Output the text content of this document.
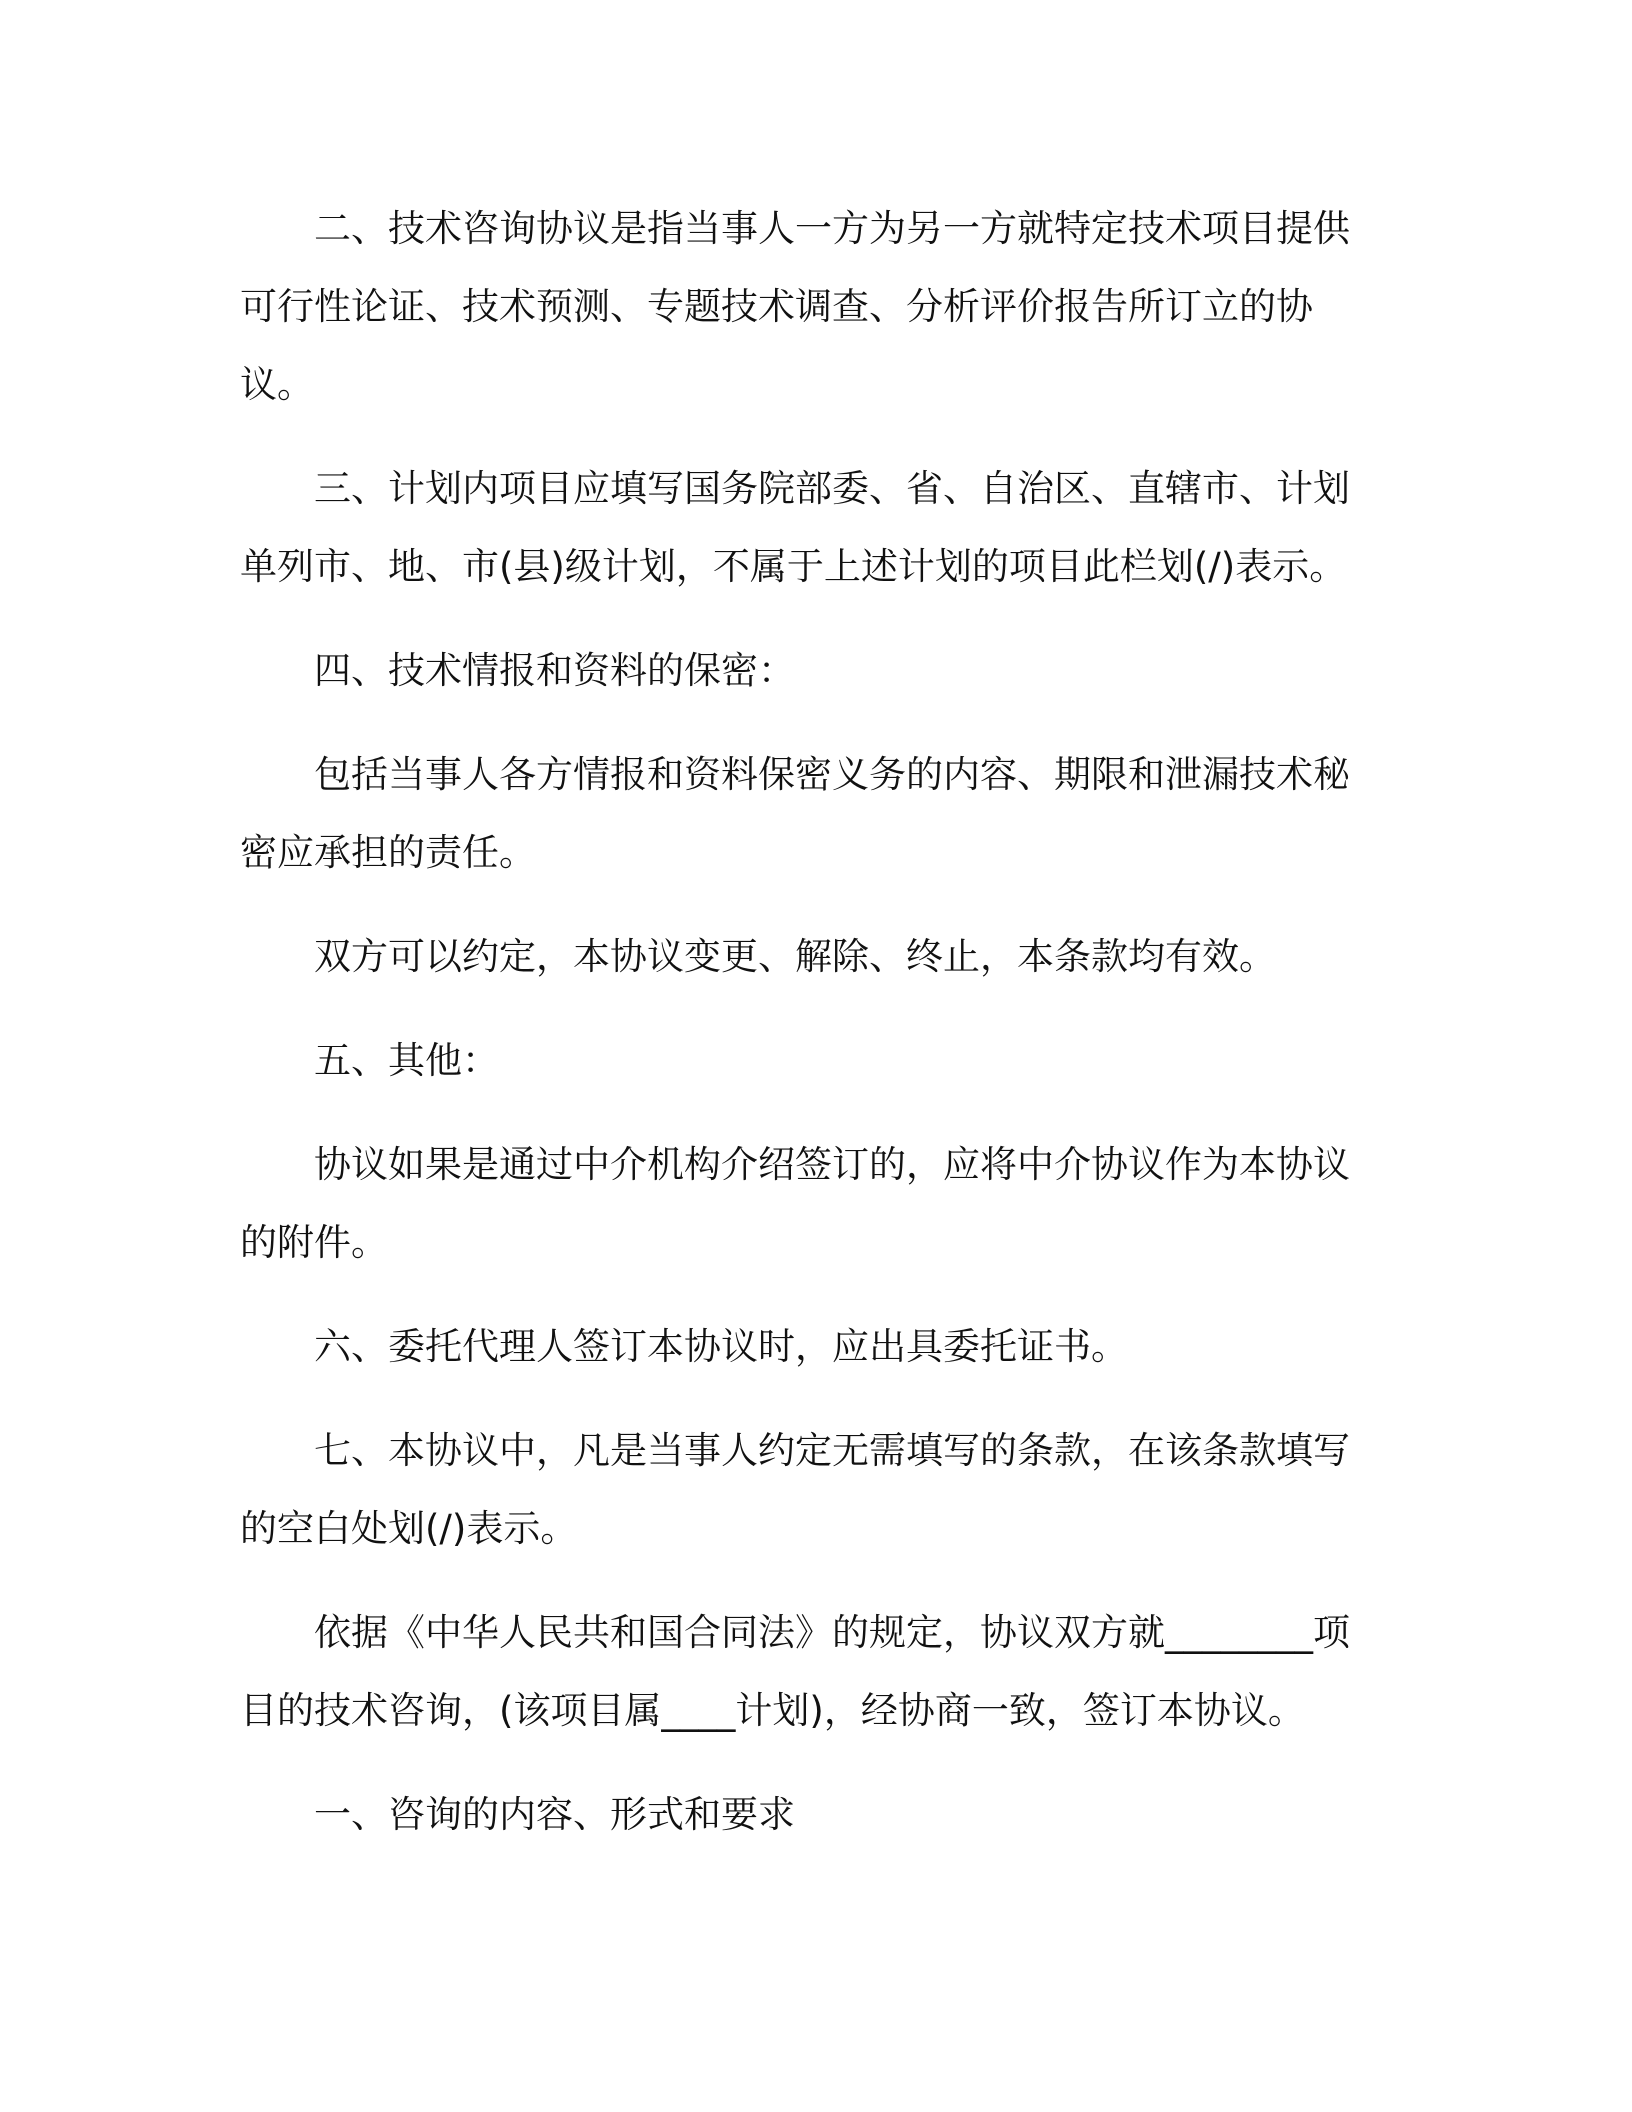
二、技术咨询协议是指当事人一方为另一方就特定技术项目提供可行性论证、技术预测、专题技术调查、分析评价报告所订立的协议。

三、计划内项目应填写国务院部委、省、自治区、直辖市、计划单列市、地、市(县)级计划，不属于上述计划的项目此栏划(/)表示。

四、技术情报和资料的保密：

包括当事人各方情报和资料保密义务的内容、期限和泄漏技术秘密应承担的责任。

双方可以约定，本协议变更、解除、终止，本条款均有效。

五、其他：

协议如果是通过中介机构介绍签订的，应将中介协议作为本协议的附件。

六、委托代理人签订本协议时，应出具委托证书。

七、本协议中，凡是当事人约定无需填写的条款，在该条款填写的空白处划(/)表示。

依据《中华人民共和国合同法》的规定，协议双方就________项目的技术咨询，(该项目属____计划)，经协商一致，签订本协议。

一、咨询的内容、形式和要求
